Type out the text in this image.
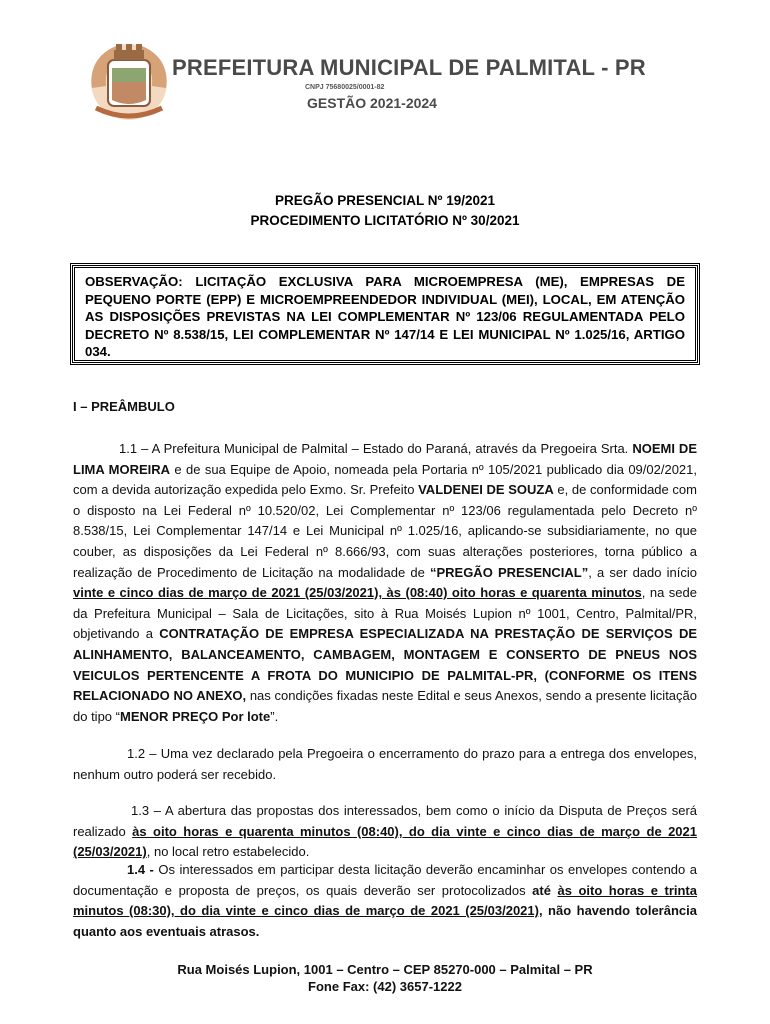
PREFEITURA MUNICIPAL DE PALMITAL - PR
CNPJ 75680025/0001-82
GESTÃO 2021-2024
PREGÃO PRESENCIAL Nº 19/2021
PROCEDIMENTO LICITATÓRIO Nº 30/2021
OBSERVAÇÃO: LICITAÇÃO EXCLUSIVA PARA MICROEMPRESA (ME), EMPRESAS DE PEQUENO PORTE (EPP) E MICROEMPREENDEDOR INDIVIDUAL (MEI), LOCAL, EM ATENÇÃO AS DISPOSIÇÕES PREVISTAS NA LEI COMPLEMENTAR Nº 123/06 REGULAMENTADA PELO DECRETO Nº 8.538/15, LEI COMPLEMENTAR Nº 147/14 E LEI MUNICIPAL Nº 1.025/16, ARTIGO 034.
I – PREÂMBULO
1.1 – A Prefeitura Municipal de Palmital – Estado do Paraná, através da Pregoeira Srta. NOEMI DE LIMA MOREIRA e de sua Equipe de Apoio, nomeada pela Portaria nº 105/2021 publicado dia 09/02/2021, com a devida autorização expedida pelo Exmo. Sr. Prefeito VALDENEI DE SOUZA e, de conformidade com o disposto na Lei Federal nº 10.520/02, Lei Complementar nº 123/06 regulamentada pelo Decreto nº 8.538/15, Lei Complementar 147/14 e Lei Municipal nº 1.025/16, aplicando-se subsidiariamente, no que couber, as disposições da Lei Federal nº 8.666/93, com suas alterações posteriores, torna público a realização de Procedimento de Licitação na modalidade de “PREGÃO PRESENCIAL”, a ser dado início vinte e cinco dias de março de 2021 (25/03/2021), às (08:40) oito horas e quarenta minutos, na sede da Prefeitura Municipal – Sala de Licitações, sito à Rua Moisés Lupion nº 1001, Centro, Palmital/PR, objetivando a CONTRATAÇÃO DE EMPRESA ESPECIALIZADA NA PRESTAÇÃO DE SERVIÇOS DE ALINHAMENTO, BALANCEAMENTO, CAMBAGEM, MONTAGEM E CONSERTO DE PNEUS NOS VEICULOS PERTENCENTE A FROTA DO MUNICIPIO DE PALMITAL-PR, (CONFORME OS ITENS RELACIONADO NO ANEXO, nas condições fixadas neste Edital e seus Anexos, sendo a presente licitação do tipo “MENOR PREÇO Por lote”.
1.2 – Uma vez declarado pela Pregoeira o encerramento do prazo para a entrega dos envelopes, nenhum outro poderá ser recebido.
1.3 – A abertura das propostas dos interessados, bem como o início da Disputa de Preços será realizado às oito horas e quarenta minutos (08:40), do dia vinte e cinco dias de março de 2021 (25/03/2021), no local retro estabelecido.
1.4 - Os interessados em participar desta licitação deverão encaminhar os envelopes contendo a documentação e proposta de preços, os quais deverão ser protocolizados até às oito horas e trinta minutos (08:30), do dia vinte e cinco dias de março de 2021 (25/03/2021), não havendo tolerância quanto aos eventuais atrasos.
Rua Moisés Lupion, 1001 – Centro – CEP 85270-000 – Palmital – PR
Fone Fax: (42) 3657-1222
